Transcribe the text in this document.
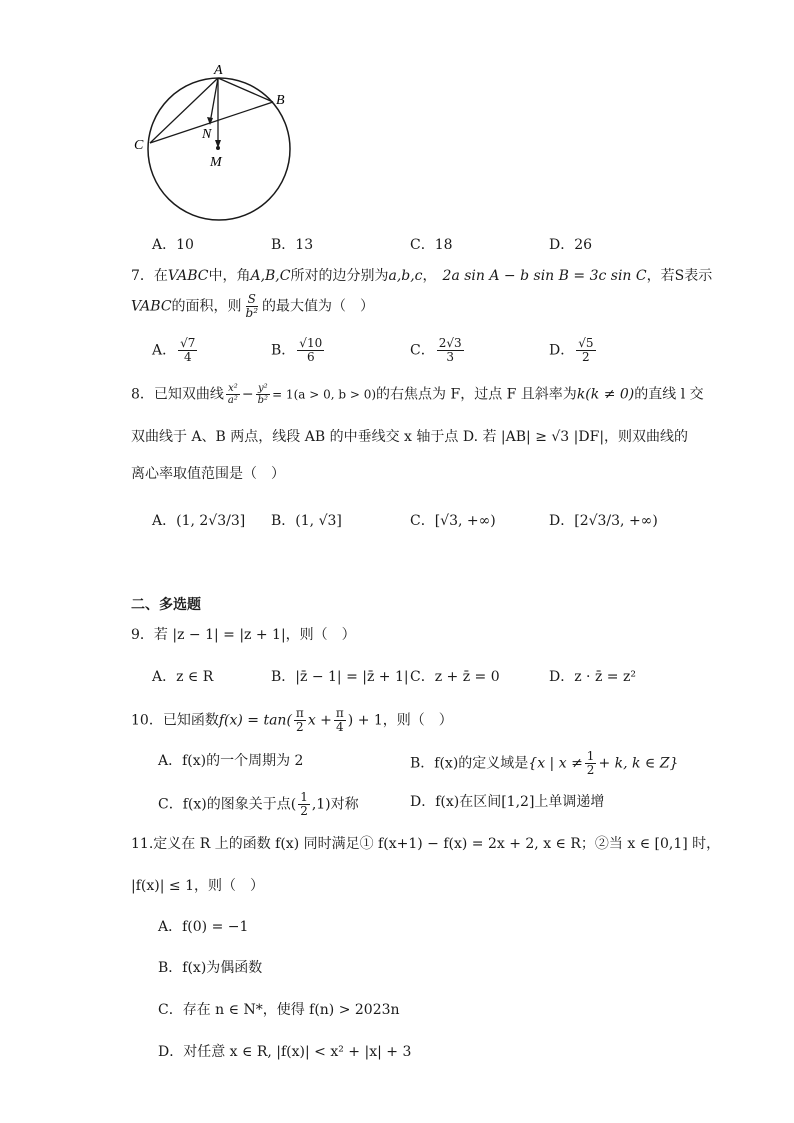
A
B
C
N
M
A．10	B．13	C．18	D．26
7．在VABC中，角A,B,C所对的边分别为a,b,c， 2a sin A − b sin B = 3c sin C，若S表示
VABC的面积，则 $\frac{S}{\text{b²}}$ 的最大值为（　）
A． $\frac{√7}{4}$	B． $\frac{√10}{6}$	C． $\frac{2√3}{3}$	D． $\frac{√5}{2}$
8．已知双曲线 $\frac{\text{x²}}{\text{a²}} - \frac{\text{y²}}{\text{b²}} = 1(a > 0$, b > 0)的右焦点为 F，过点 F 且斜率为k(k ≠ 0)的直线 l 交
双曲线于 A、B 两点，线段 AB 的中垂线交 x 轴于点 D. 若 |AB| ≥ √3 |DF|，则双曲线的
离心率取值范围是（　）
A．(1, 2√3/3] B．(1, √3]	C．[√3, +∞)	D．[2√3/3, +∞)
二、多选题
9．若 |z − 1| = |z + 1|，则（　）
A．z ∈ R	B．|z̄ − 1| = |z̄ + 1| C．z + z̄ = 0	D．z · z̄ = z²
10．已知函数$f(x) = \tan( \frac{\pi}{2}$ $x + \frac{\pi}{4}$ ) + 1，则（　）
A．f(x)的一个周期为 2	B．f(x)的定义域是{x | $x \ne \frac{1}{2} + k$, k ∈ Z}
C．f(x)的图象关于点( $\frac{1}{2} ,1$)对称	D．f(x)在区间[1,2]上单调递增
11.定义在 R 上的函数 f(x) 同时满足① f(x+1) − f(x) = 2x + 2, x ∈ R；②当 x ∈ [0,1] 时，
|f(x)| ≤ 1，则（　）
A．f(0) = −1
B．f(x)为偶函数
C．存在 n ∈ N*，使得 f(n) > 2023n
D．对任意 x ∈ R, |f(x)| < x² + |x| + 3
